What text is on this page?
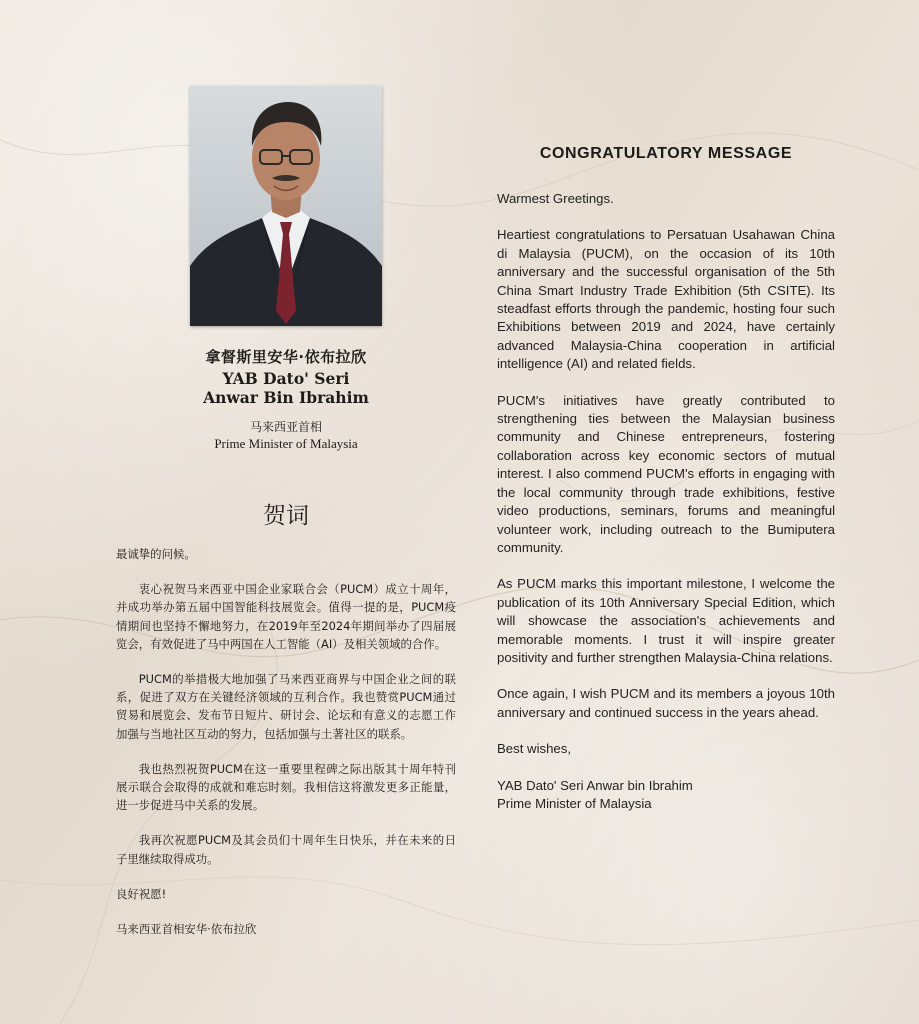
拿督斯里安华·依布拉欣
YAB Dato' Seri
Anwar Bin Ibrahim
马来西亚首相
Prime Minister of Malaysia
贺词

最诚挚的问候。

衷心祝贺马来西亚中国企业家联合会（PUCM）成立十周年，并成功举办第五届中国智能科技展览会。值得一提的是，PUCM疫情期间也坚持不懈地努力，在2019年至2024年期间举办了四届展览会，有效促进了马中两国在人工智能（AI）及相关领域的合作。

PUCM的举措极大地加强了马来西亚商界与中国企业之间的联系，促进了双方在关键经济领域的互利合作。我也赞赏PUCM通过贸易和展览会、发布节日短片、研讨会、论坛和有意义的志愿工作加强与当地社区互动的努力，包括加强与土著社区的联系。

我也热烈祝贺PUCM在这一重要里程碑之际出版其十周年特刊展示联合会取得的成就和难忘时刻。我相信这将激发更多正能量，进一步促进马中关系的发展。

我再次祝愿PUCM及其会员们十周年生日快乐，并在未来的日子里继续取得成功。

良好祝愿!

马来西亚首相安华·依布拉欣

CONGRATULATORY MESSAGE

Warmest Greetings.

Heartiest congratulations to Persatuan Usahawan China di Malaysia (PUCM), on the occasion of its 10th anniversary and the successful organisation of the 5th China Smart Industry Trade Exhibition (5th CSITE). Its steadfast efforts through the pandemic, hosting four such Exhibitions between 2019 and 2024, have certainly advanced Malaysia-China cooperation in artificial intelligence (AI) and related fields.

PUCM's initiatives have greatly contributed to strengthening ties between the Malaysian business community and Chinese entrepreneurs, fostering collaboration across key economic sectors of mutual interest. I also commend PUCM's efforts in engaging with the local community through trade exhibitions, festive video productions, seminars, forums and meaningful volunteer work, including outreach to the Bumiputera community.

As PUCM marks this important milestone, I welcome the publication of its 10th Anniversary Special Edition, which will showcase the association's achievements and memorable moments. I trust it will inspire greater positivity and further strengthen Malaysia-China relations.

Once again, I wish PUCM and its members a joyous 10th anniversary and continued success in the years ahead.

Best wishes,

YAB Dato' Seri Anwar bin Ibrahim

Prime Minister of Malaysia
